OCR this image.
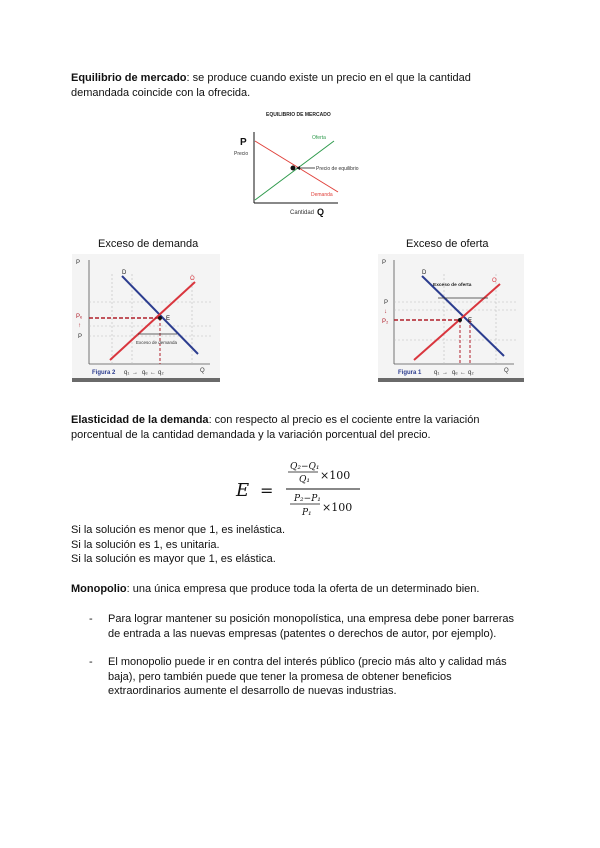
Equilibrio de mercado: se produce cuando existe un precio en el que la cantidad demandada coincide con la ofrecida.

EQUILIBRIO DE MERCADO
P
Precio
Precio de equilibrio
Oferta
Demanda
Cantidad Q
Exceso de demanda	Exceso de oferta
P
D
O
Pₑ
↑
P
E
Exceso de demanda
Figura 2 q₁ → qₑ ← q₂	Q
P
D
O
Exceso de oferta
P
↓
P₂	E
Figura 1 q₁ → qₑ ← q₂	Q

Elasticidad de la demanda: con respecto al precio es el cociente entre la variación porcentual de la cantidad demandada y la variación porcentual del precio.

E =
Q₂−Q₁
Q₁ ×100
P₂−P₁
P₁ ×100
Si la solución es menor que 1, es inelástica.
Si la solución es 1, es unitaria.
Si la solución es mayor que 1, es elástica.

Monopolio: una única empresa que produce toda la oferta de un determinado bien.

- Para lograr mantener su posición monopolística, una empresa debe poner barreras de entrada a las nuevas empresas (patentes o derechos de autor, por ejemplo).
- El monopolio puede ir en contra del interés público (precio más alto y calidad más baja), pero también puede que tener la promesa de obtener beneficios extraordinarios aumente el desarrollo de nuevas industrias.
